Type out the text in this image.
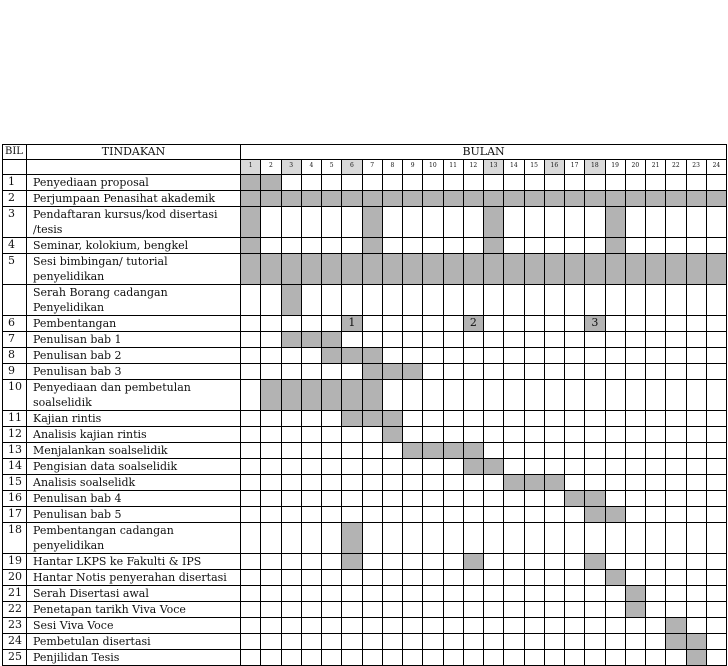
BIL	TINDAKAN	BULAN																							
		1	2	3	4	5	6	7	8	9	10	11	12	13	14	15	16	17	18	19	20	21	22	23	24
1	Penyediaan proposal																								
2	Perjumpaan Penasihat akademik																								
3	Pendaftaran kursus/kod disertasi /tesis																								
4	Seminar, kolokium, bengkel																								
5	Sesi bimbingan/ tutorial penyelidikan																								
	Serah Borang cadangan Penyelidikan																								
6	Pembentangan						1						2						3						
7	Penulisan bab 1																								
8	Penulisan bab 2																								
9	Penulisan bab 3																								
10	Penyediaan dan pembetulan soalselidik																								
11	Kajian rintis																								
12	Analisis kajian rintis																								
13	Menjalankan soalselidik																								
14	Pengisian data soalselidik																								
15	Analisis soalselidk																								
16	Penulisan bab 4																								
17	Penulisan bab 5																								
18	Pembentangan cadangan penyelidikan																								
19	Hantar LKPS ke Fakulti & IPS																								
20	Hantar Notis penyerahan disertasi																								
21	Serah Disertasi awal																								
22	Penetapan tarikh Viva Voce																								
23	Sesi Viva Voce																								
24	Pembetulan disertasi																								
25	Penjilidan Tesis																								
